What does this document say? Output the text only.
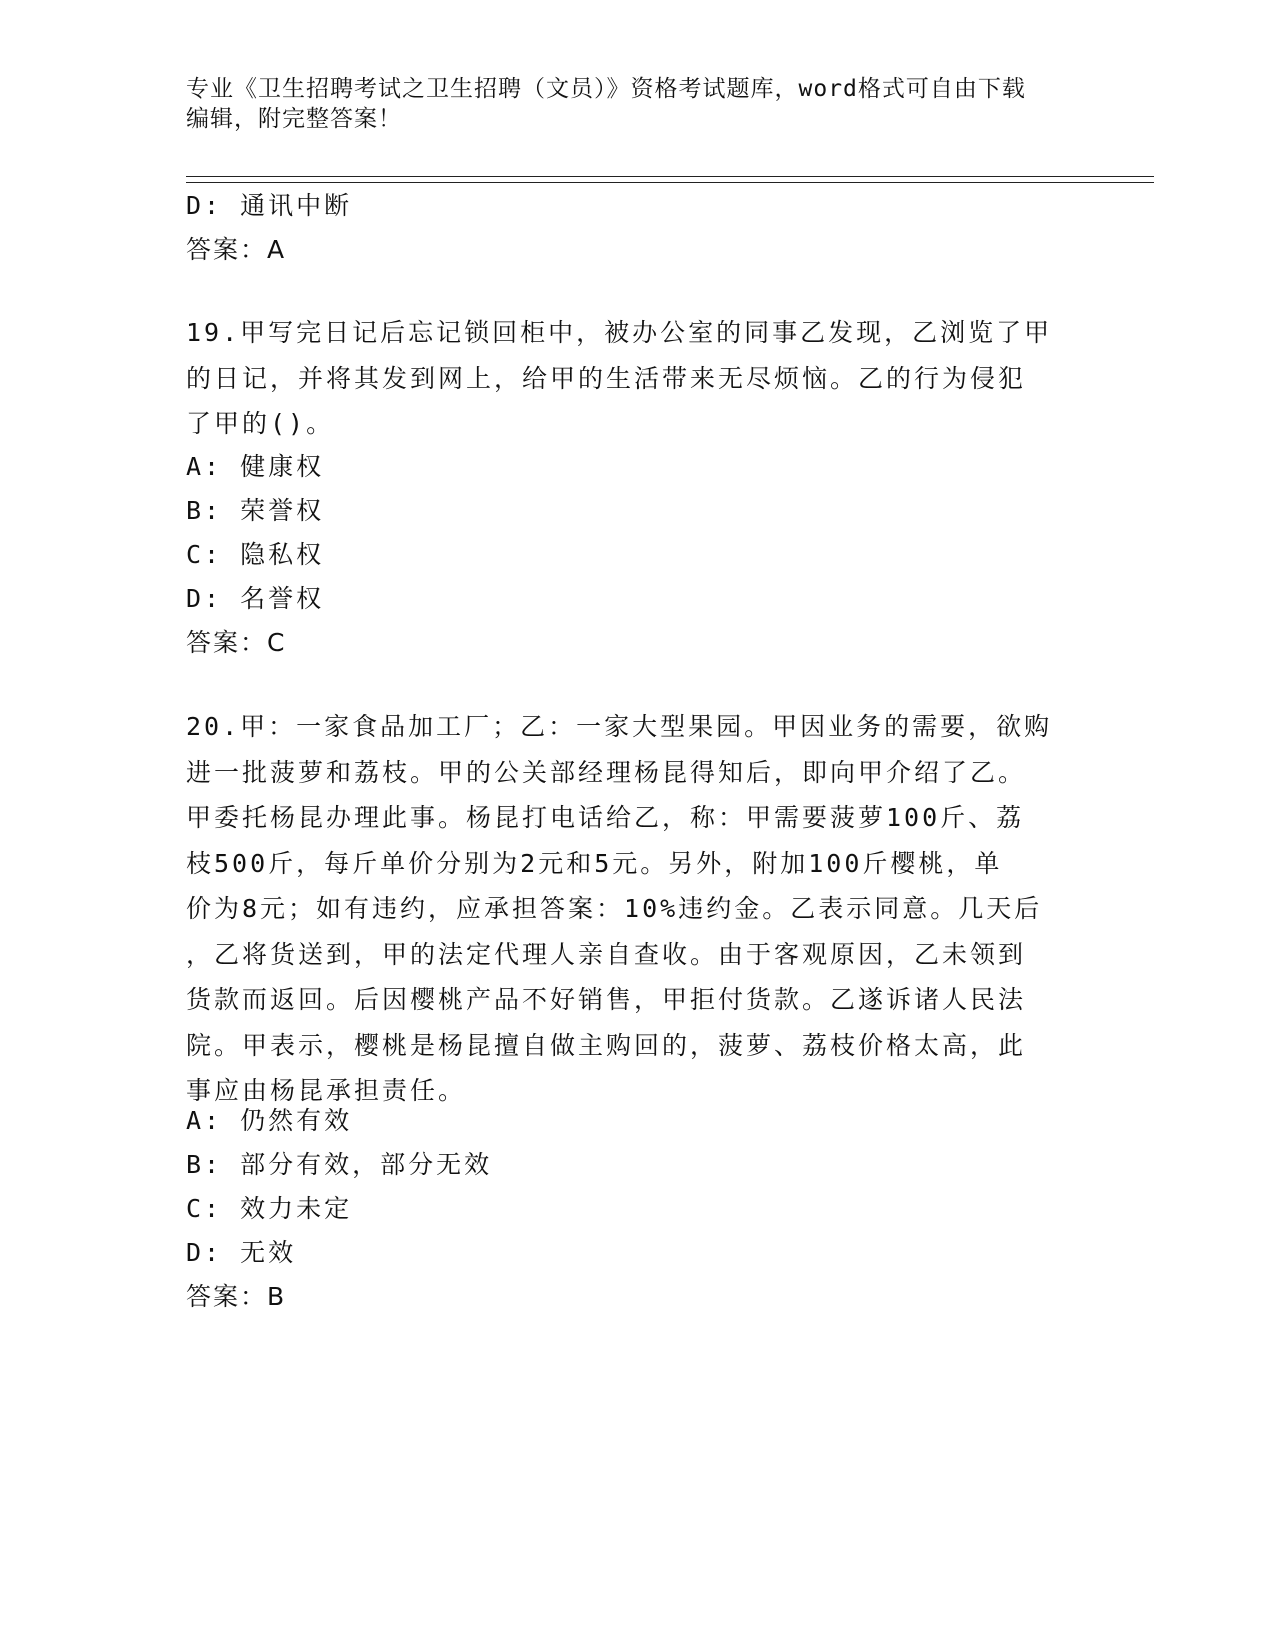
专业《卫生招聘考试之卫生招聘（文员）》资格考试题库，word格式可自由下载
编辑，附完整答案！
D: 通讯中断
答案：A
19.甲写完日记后忘记锁回柜中，被办公室的同事乙发现，乙浏览了甲
的日记，并将其发到网上，给甲的生活带来无尽烦恼。乙的行为侵犯
了甲的()。
A: 健康权
B: 荣誉权
C: 隐私权
D: 名誉权
答案：C
20.甲：一家食品加工厂；乙：一家大型果园。甲因业务的需要，欲购
进一批菠萝和荔枝。甲的公关部经理杨昆得知后，即向甲介绍了乙。
甲委托杨昆办理此事。杨昆打电话给乙，称：甲需要菠萝100斤、荔
枝500斤，每斤单价分别为2元和5元。另外，附加100斤樱桃，单
价为8元；如有违约，应承担答案：10%违约金。乙表示同意。几天后
，乙将货送到，甲的法定代理人亲自查收。由于客观原因，乙未领到
货款而返回。后因樱桃产品不好销售，甲拒付货款。乙遂诉诸人民法
院。甲表示，樱桃是杨昆擅自做主购回的，菠萝、荔枝价格太高，此
事应由杨昆承担责任。
A: 仍然有效
B: 部分有效，部分无效
C: 效力未定
D: 无效
答案：B
